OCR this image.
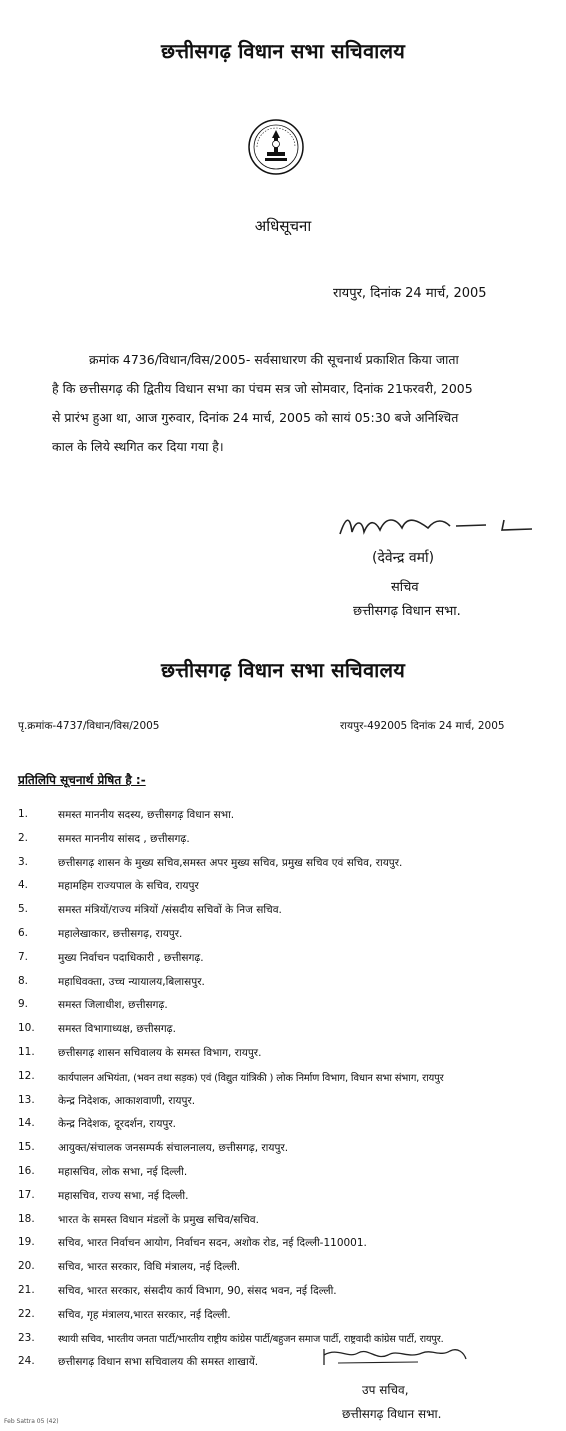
छत्तीसगढ़ विधान सभा सचिवालय
अधिसूचना
रायपुर, दिनांक 24 मार्च, 2005
क्रमांक 4736/विधान/विस/2005- सर्वसाधारण की सूचनार्थ प्रकाशित किया जाता
है कि छत्तीसगढ़ की द्वितीय विधान सभा का पंचम सत्र जो सोमवार, दिनांक 21फरवरी, 2005
से प्रारंभ हुआ था, आज गुरुवार, दिनांक 24 मार्च, 2005 को सायं 05:30 बजे अनिश्चित
काल के लिये स्थगित कर दिया गया है।
(देवेन्द्र वर्मा)
सचिव
छत्तीसगढ़ विधान सभा.
छत्तीसगढ़ विधान सभा सचिवालय
पृ.क्रमांक-4737/विधान/विस/2005	रायपुर-492005 दिनांक 24 मार्च, 2005
प्रतिलिपि सूचनार्थ प्रेषित है :-
1.	समस्त माननीय सदस्य, छत्तीसगढ़ विधान सभा.
2.	समस्त माननीय सांसद , छत्तीसगढ़.
3.	छत्तीसगढ़ शासन के मुख्य सचिव,समस्त अपर मुख्य सचिव, प्रमुख सचिव एवं सचिव, रायपुर.
4.	महामहिम राज्यपाल के सचिव, रायपुर
5.	समस्त मंत्रियों/राज्य मंत्रियों /संसदीय सचिवों के निज सचिव.
6.	महालेखाकार, छत्तीसगढ़, रायपुर.
7.	मुख्य निर्वाचन पदाधिकारी , छत्तीसगढ़.
8.	महाधिवक्ता, उच्च न्यायालय,बिलासपुर.
9.	समस्त जिलाधीश, छत्तीसगढ़.
10.	समस्त विभागाध्यक्ष, छत्तीसगढ़.
11.	छत्तीसगढ़ शासन सचिवालय के समस्त विभाग, रायपुर.
12.	कार्यपालन अभियंता, (भवन तथा सड़क) एवं (विद्युत यांत्रिकी ) लोक निर्माण विभाग, विधान सभा संभाग, रायपुर
13.	केन्द्र निदेशक, आकाशवाणी, रायपुर.
14.	केन्द्र निदेशक, दूरदर्शन, रायपुर.
15.	आयुक्त/संचालक जनसम्पर्क संचालनालय, छत्तीसगढ़, रायपुर.
16.	महासचिव, लोक सभा, नई दिल्ली.
17.	महासचिव, राज्य सभा, नई दिल्ली.
18.	भारत के समस्त विधान मंडलों के प्रमुख सचिव/सचिव.
19.	सचिव, भारत निर्वाचन आयोग, निर्वाचन सदन, अशोक रोड, नई दिल्ली-110001.
20.	सचिव, भारत सरकार, विधि मंत्रालय, नई दिल्ली.
21.	सचिव, भारत सरकार, संसदीय कार्य विभाग, 90, संसद भवन, नई दिल्ली.
22.	सचिव, गृह मंत्रालय,भारत सरकार, नई दिल्ली.
23.	स्थायी सचिव, भारतीय जनता पार्टी/भारतीय राष्ट्रीय कांग्रेस पार्टी/बहुजन समाज पार्टी, राष्ट्रवादी कांग्रेस पार्टी, रायपुर.
24.	छत्तीसगढ़ विधान सभा सचिवालय की समस्त शाखायें.
उप सचिव,
छत्तीसगढ़ विधान सभा.
Feb Sattra 05 (42)
